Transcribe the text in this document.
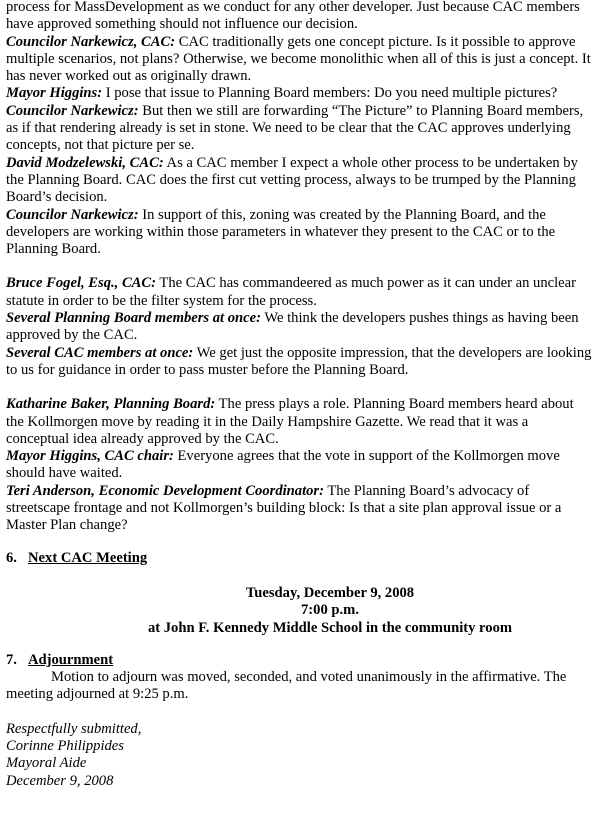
process for MassDevelopment as we conduct for any other developer. Just because CAC members have approved something should not influence our decision.

Councilor Narkewicz, CAC: CAC traditionally gets one concept picture. Is it possible to approve multiple scenarios, not plans? Otherwise, we become monolithic when all of this is just a concept. It has never worked out as originally drawn.

Mayor Higgins: I pose that issue to Planning Board members: Do you need multiple pictures?

Councilor Narkewicz: But then we still are forwarding “The Picture” to Planning Board members, as if that rendering already is set in stone. We need to be clear that the CAC approves underlying concepts, not that picture per se.

David Modzelewski, CAC: As a CAC member I expect a whole other process to be undertaken by the Planning Board. CAC does the first cut vetting process, always to be trumped by the Planning Board’s decision.

Councilor Narkewicz: In support of this, zoning was created by the Planning Board, and the developers are working within those parameters in whatever they present to the CAC or to the Planning Board.

Bruce Fogel, Esq., CAC: The CAC has commandeered as much power as it can under an unclear statute in order to be the filter system for the process.

Several Planning Board members at once: We think the developers pushes things as having been approved by the CAC.

Several CAC members at once: We get just the opposite impression, that the developers are looking to us for guidance in order to pass muster before the Planning Board.

Katharine Baker, Planning Board: The press plays a role. Planning Board members heard about the Kollmorgen move by reading it in the Daily Hampshire Gazette. We read that it was a conceptual idea already approved by the CAC.

Mayor Higgins, CAC chair: Everyone agrees that the vote in support of the Kollmorgen move should have waited.

Teri Anderson, Economic Development Coordinator: The Planning Board’s advocacy of streetscape frontage and not Kollmorgen’s building block: Is that a site plan approval issue or a Master Plan change?

6. Next CAC Meeting
Tuesday, December 9, 2008
7:00 p.m.
at John F. Kennedy Middle School in the community room
7. Adjournment

Motion to adjourn was moved, seconded, and voted unanimously in the affirmative. The meeting adjourned at 9:25 p.m.

Respectfully submitted,
Corinne Philippides
Mayoral Aide
December 9, 2008
